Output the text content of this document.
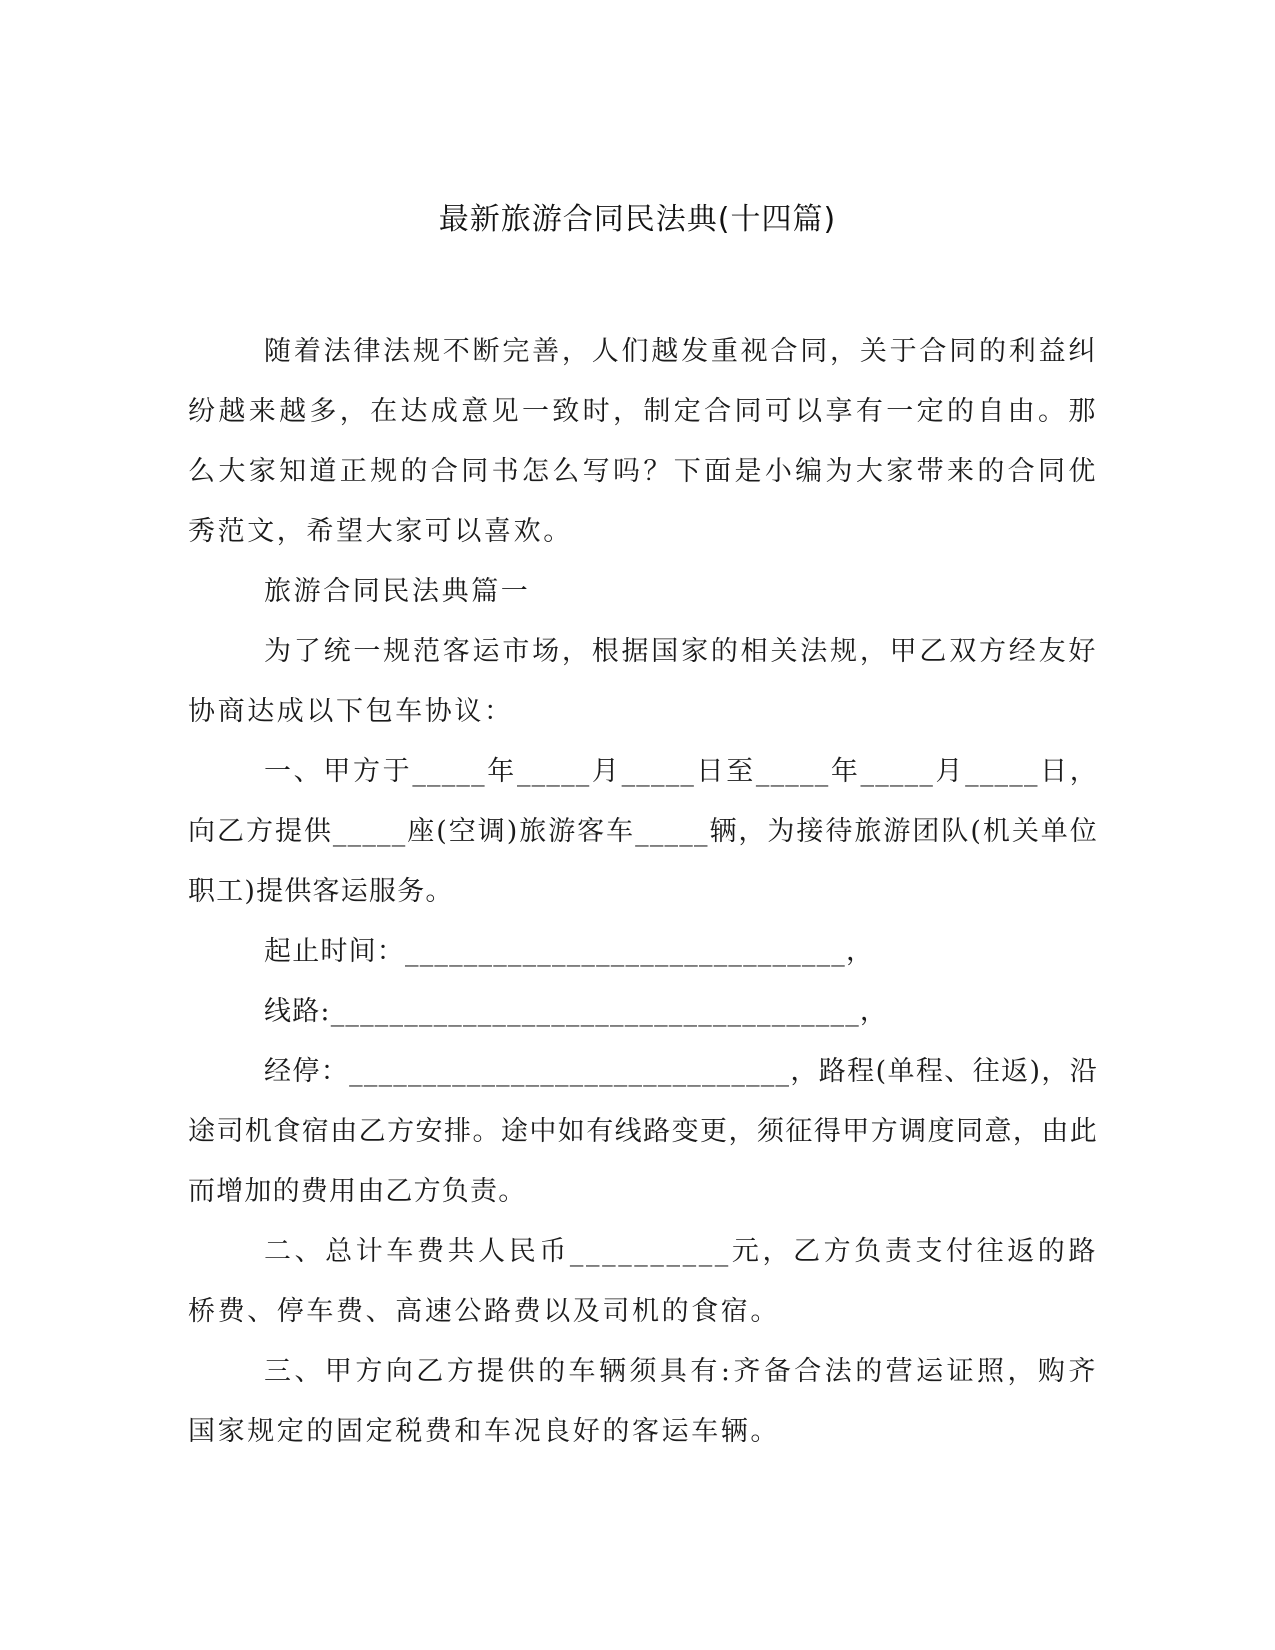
最新旅游合同民法典(十四篇)

随着法律法规不断完善，人们越发重视合同，关于合同的利益纠纷越来越多，在达成意见一致时，制定合同可以享有一定的自由。那么大家知道正规的合同书怎么写吗？下面是小编为大家带来的合同优秀范文，希望大家可以喜欢。

旅游合同民法典篇一

为了统一规范客运市场，根据国家的相关法规，甲乙双方经友好协商达成以下包车协议：

一、甲方于_____年_____月_____日至_____年_____月_____日，向乙方提供_____座(空调)旅游客车_____辆，为接待旅游团队(机关单位职工)提供客运服务。

起止时间：______________________________，

线路:____________________________________，

经停：______________________________，路程(单程、往返)，沿途司机食宿由乙方安排。途中如有线路变更，须征得甲方调度同意，由此而增加的费用由乙方负责。

二、总计车费共人民币__________元，乙方负责支付往返的路桥费、停车费、高速公路费以及司机的食宿。

三、甲方向乙方提供的车辆须具有:齐备合法的营运证照，购齐国家规定的固定税费和车况良好的客运车辆。
